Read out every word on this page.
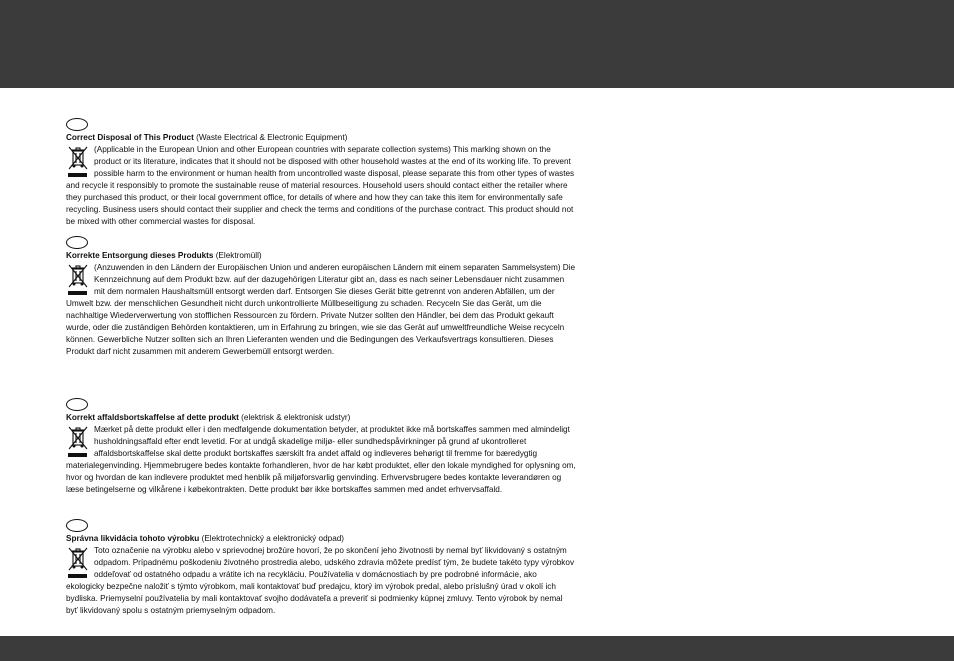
Correct Disposal of This Product (Waste Electrical & Electronic Equipment)
(Applicable in the European Union and other European countries with separate collection systems) This marking shown on the product or its literature, indicates that it should not be disposed with other household wastes at the end of its working life. To prevent possible harm to the environment or human health from uncontrolled waste disposal, please separate this from other types of wastes and recycle it responsibly to promote the sustainable reuse of material resources. Household users should contact either the retailer where they purchased this product, or their local government office, for details of where and how they can take this item for environmentally safe recycling. Business users should contact their supplier and check the terms and conditions of the purchase contract. This product should not be mixed with other commercial wastes for disposal.
Korrekte Entsorgung dieses Produkts (Elektromüll)
(Anzuwenden in den Ländern der Europäischen Union und anderen europäischen Ländern mit einem separaten Sammelsystem) Die Kennzeichnung auf dem Produkt bzw. auf der dazugehörigen Literatur gibt an, dass es nach seiner Lebensdauer nicht zusammen mit dem normalen Haushaltsmüll entsorgt werden darf. Entsorgen Sie dieses Gerät bitte getrennt von anderen Abfällen, um der Umwelt bzw. der menschlichen Gesundheit nicht durch unkontrollierte Müllbeseitigung zu schaden. Recyceln Sie das Gerät, um die nachhaltige Wiederverwertung von stofflichen Ressourcen zu fördern. Private Nutzer sollten den Händler, bei dem das Produkt gekauft wurde, oder die zuständigen Behörden kontaktieren, um in Erfahrung zu bringen, wie sie das Gerät auf umweltfreundliche Weise recyceln können. Gewerbliche Nutzer sollten sich an Ihren Lieferanten wenden und die Bedingungen des Verkaufsvertrags konsultieren. Dieses Produkt darf nicht zusammen mit anderem Gewerbemüll entsorgt werden.
Korrekt affaldsbortskaffelse af dette produkt (elektrisk & elektronisk udstyr)
Mærket på dette produkt eller i den medfølgende dokumentation betyder, at produktet ikke må bortskaffes sammen med almindeligt husholdningsaffald efter endt levetid. For at undgå skadelige miljø- eller sundhedspåvirkninger på grund af ukontrolleret affaldsbortskaffelse skal dette produkt bortskaffes særskilt fra andet affald og indleveres behørigt til fremme for bæredygtig materialegenvinding. Hjemmebrugere bedes kontakte forhandleren, hvor de har købt produktet, eller den lokale myndighed for oplysning om, hvor og hvordan de kan indlevere produktet med henblik på miljøforsvarlig genvinding. Erhvervsbrugere bedes kontakte leverandøren og læse betingelserne og vilkårene i købekontrakten. Dette produkt bør ikke bortskaffes sammen med andet erhvervsaffald.
Správna likvidácia tohoto výrobku (Elektrotechnický a elektronický odpad)
Toto označenie na výrobku alebo v sprievodnej brožúre hovorí, že po skončení jeho životnosti by nemal byť likvidovaný s ostatným odpadom. Prípadnému poškodeniu životného prostredia alebo, udského zdravia môžete predísť tým, že budete takéto typy výrobkov oddeľovať od ostatného odpadu a vrátite ich na recykláciu. Používatelia v domácnostiach by pre podrobné informácie, ako ekologicky bezpečne naložiť s týmto výrobkom, mali kontaktovať buď predajcu, ktorý im výrobok predal, alebo príslušný úrad v okolí ich bydliska. Priemyselní používatelia by mali kontaktovať svojho dodávateľa a preveriť si podmienky kúpnej zmluvy. Tento výrobok by nemal byť likvidovaný spolu s ostatným priemyselným odpadom.
